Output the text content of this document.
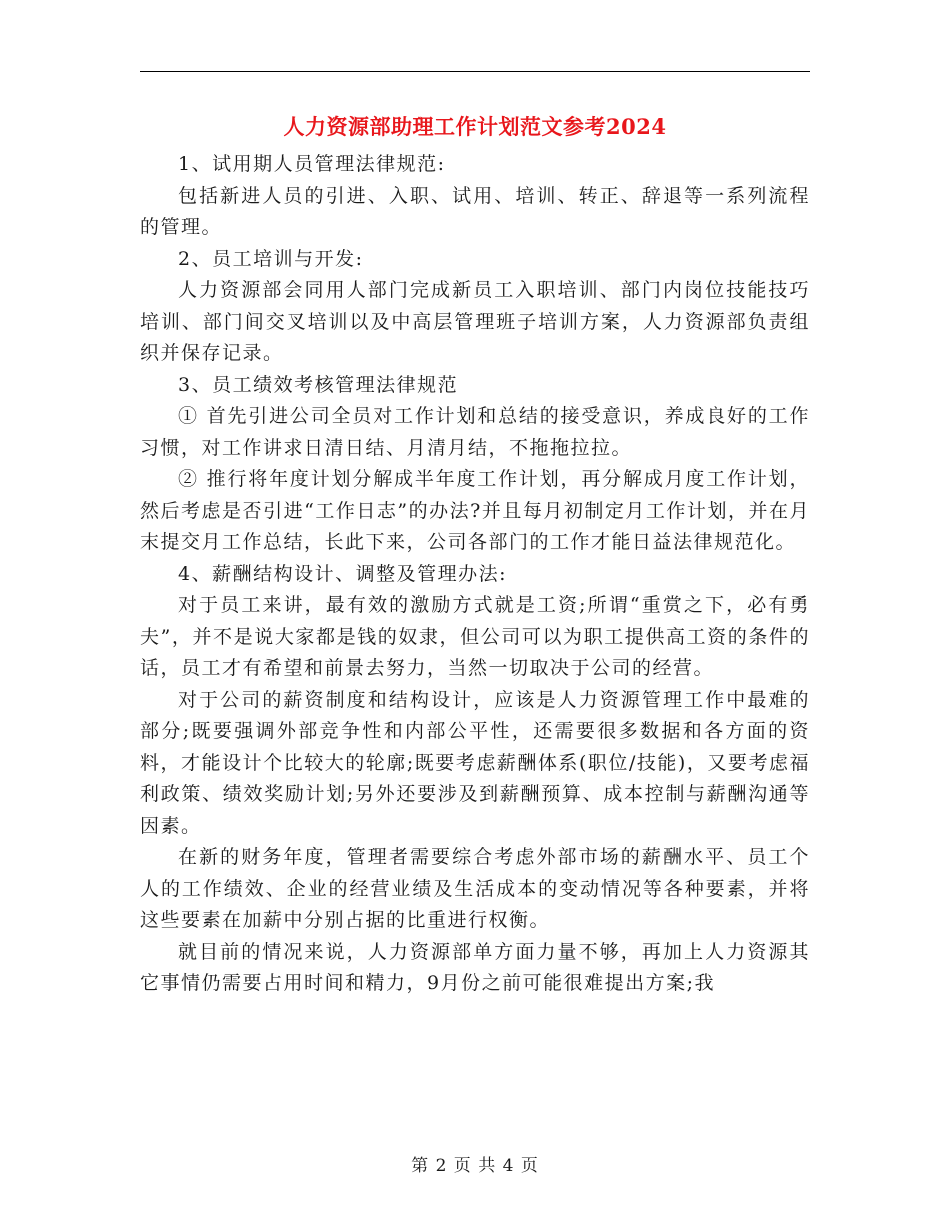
人力资源部助理工作计划范文参考2024

1、试用期人员管理法律规范:

包括新进人员的引进、入职、试用、培训、转正、辞退等一系列流程的管理。

2、员工培训与开发:

人力资源部会同用人部门完成新员工入职培训、部门内岗位技能技巧培训、部门间交叉培训以及中高层管理班子培训方案，人力资源部负责组织并保存记录。

3、员工绩效考核管理法律规范

① 首先引进公司全员对工作计划和总结的接受意识，养成良好的工作习惯，对工作讲求日清日结、月清月结，不拖拖拉拉。

② 推行将年度计划分解成半年度工作计划，再分解成月度工作计划，然后考虑是否引进“工作日志”的办法?并且每月初制定月工作计划，并在月末提交月工作总结，长此下来，公司各部门的工作才能日益法律规范化。

4、薪酬结构设计、调整及管理办法:

对于员工来讲，最有效的激励方式就是工资;所谓“重赏之下，必有勇夫”，并不是说大家都是钱的奴隶，但公司可以为职工提供高工资的条件的话，员工才有希望和前景去努力，当然一切取决于公司的经营。

对于公司的薪资制度和结构设计，应该是人力资源管理工作中最难的部分;既要强调外部竞争性和内部公平性，还需要很多数据和各方面的资料，才能设计个比较大的轮廓;既要考虑薪酬体系(职位/技能)，又要考虑福利政策、绩效奖励计划;另外还要涉及到薪酬预算、成本控制与薪酬沟通等因素。

在新的财务年度，管理者需要综合考虑外部市场的薪酬水平、员工个人的工作绩效、企业的经营业绩及生活成本的变动情况等各种要素，并将这些要素在加薪中分别占据的比重进行权衡。

就目前的情况来说，人力资源部单方面力量不够，再加上人力资源其它事情仍需要占用时间和精力，9月份之前可能很难提出方案;我

第 2 页 共 4 页
